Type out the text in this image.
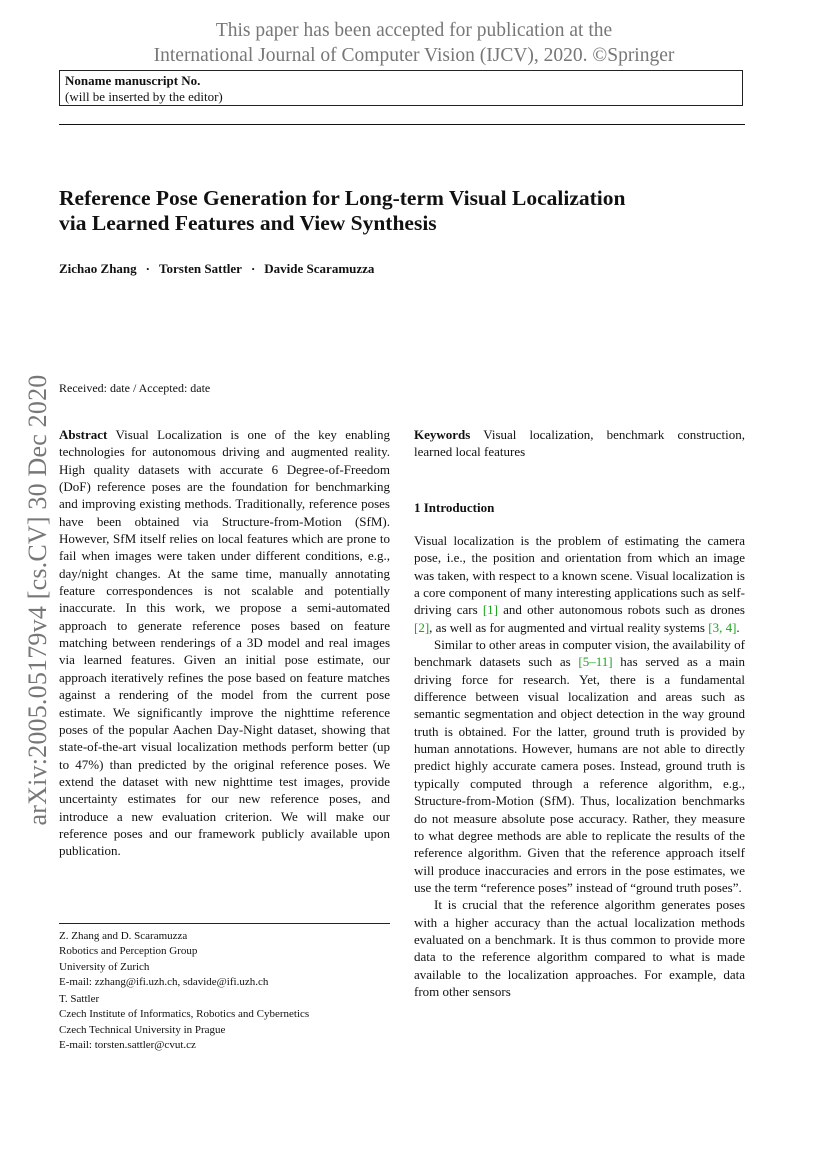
This paper has been accepted for publication at the
International Journal of Computer Vision (IJCV), 2020. ©Springer
Noname manuscript No.
(will be inserted by the editor)
Reference Pose Generation for Long-term Visual Localization
via Learned Features and View Synthesis
Zichao Zhang · Torsten Sattler · Davide Scaramuzza
arXiv:2005.05179v4 [cs.CV] 30 Dec 2020 Received: date / Accepted: date

Abstract Visual Localization is one of the key enabling technologies for autonomous driving and augmented reality. High quality datasets with accurate 6 Degree-of-Freedom (DoF) reference poses are the foundation for benchmarking and improving existing methods. Traditionally, reference poses have been obtained via Structure-from-Motion (SfM). However, SfM itself relies on local features which are prone to fail when images were taken under different conditions, e.g., day/night changes. At the same time, manually annotating feature correspondences is not scalable and potentially inaccurate. In this work, we propose a semi-automated approach to generate reference poses based on feature matching between renderings of a 3D model and real images via learned features. Given an initial pose estimate, our approach iteratively refines the pose based on feature matches against a rendering of the model from the current pose estimate. We significantly improve the nighttime reference poses of the popular Aachen Day-Night dataset, showing that state-of-the-art visual localization methods perform better (up to 47%) than predicted by the original reference poses. We extend the dataset with new nighttime test images, provide uncertainty estimates for our new reference poses, and introduce a new evaluation criterion. We will make our reference poses and our framework publicly available upon publication.

Keywords Visual localization, benchmark construction, learned local features

1 Introduction

Visual localization is the problem of estimating the camera pose, i.e., the position and orientation from which an image was taken, with respect to a known scene. Visual localization is a core component of many interesting applications such as self-driving cars [1] and other autonomous robots such as drones [2], as well as for augmented and virtual reality systems [3, 4].

Similar to other areas in computer vision, the availability of benchmark datasets such as [5–11] has served as a main driving force for research. Yet, there is a fundamental difference between visual localization and areas such as semantic segmentation and object detection in the way ground truth is obtained. For the latter, ground truth is provided by human annotations. However, humans are not able to directly predict highly accurate camera poses. Instead, ground truth is typically computed through a reference algorithm, e.g., Structure-from-Motion (SfM). Thus, localization benchmarks do not measure absolute pose accuracy. Rather, they measure to what degree methods are able to replicate the results of the reference algorithm. Given that the reference approach itself will produce inaccuracies and errors in the pose estimates, we use the term “reference poses” instead of “ground truth poses”.

It is crucial that the reference algorithm generates poses with a higher accuracy than the actual localization methods evaluated on a benchmark. It is thus common to provide more data to the reference algorithm compared to what is made available to the localization approaches. For example, data from other sensors

Z. Zhang and D. Scaramuzza
Robotics and Perception Group
University of Zurich
E-mail: zzhang@ifi.uzh.ch, sdavide@ifi.uzh.ch
T. Sattler
Czech Institute of Informatics, Robotics and Cybernetics
Czech Technical University in Prague
E-mail: torsten.sattler@cvut.cz
